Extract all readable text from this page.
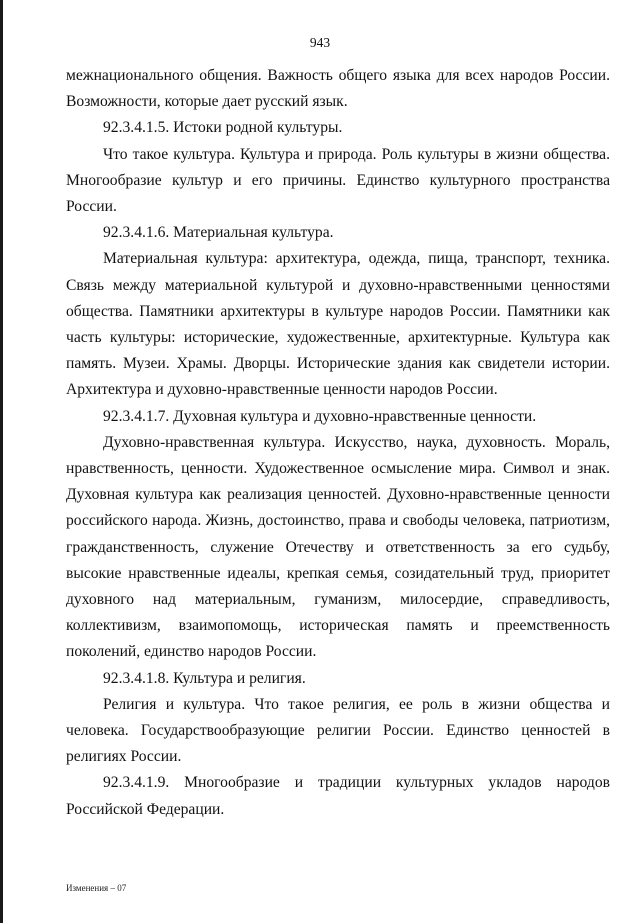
943

межнационального общения. Важность общего языка для всех народов России. Возможности, которые дает русский язык.

92.3.4.1.5. Истоки родной культуры.

Что такое культура. Культура и природа. Роль культуры в жизни общества. Многообразие культур и его причины. Единство культурного пространства России.

92.3.4.1.6. Материальная культура.

Материальная культура: архитектура, одежда, пища, транспорт, техника. Связь между материальной культурой и духовно-нравственными ценностями общества. Памятники архитектуры в культуре народов России. Памятники как часть культуры: исторические, художественные, архитектурные. Культура как память. Музеи. Храмы. Дворцы. Исторические здания как свидетели истории. Архитектура и духовно-нравственные ценности народов России.

92.3.4.1.7. Духовная культура и духовно-нравственные ценности.

Духовно-нравственная культура. Искусство, наука, духовность. Мораль, нравственность, ценности. Художественное осмысление мира. Символ и знак. Духовная культура как реализация ценностей. Духовно-нравственные ценности российского народа. Жизнь, достоинство, права и свободы человека, патриотизм, гражданственность, служение Отечеству и ответственность за его судьбу, высокие нравственные идеалы, крепкая семья, созидательный труд, приоритет духовного над материальным, гуманизм, милосердие, справедливость, коллективизм, взаимопомощь, историческая память и преемственность поколений, единство народов России.

92.3.4.1.8. Культура и религия.

Религия и культура. Что такое религия, ее роль в жизни общества и человека. Государствообразующие религии России. Единство ценностей в религиях России.

92.3.4.1.9. Многообразие и традиции культурных укладов народов Российской Федерации.

Изменения – 07
